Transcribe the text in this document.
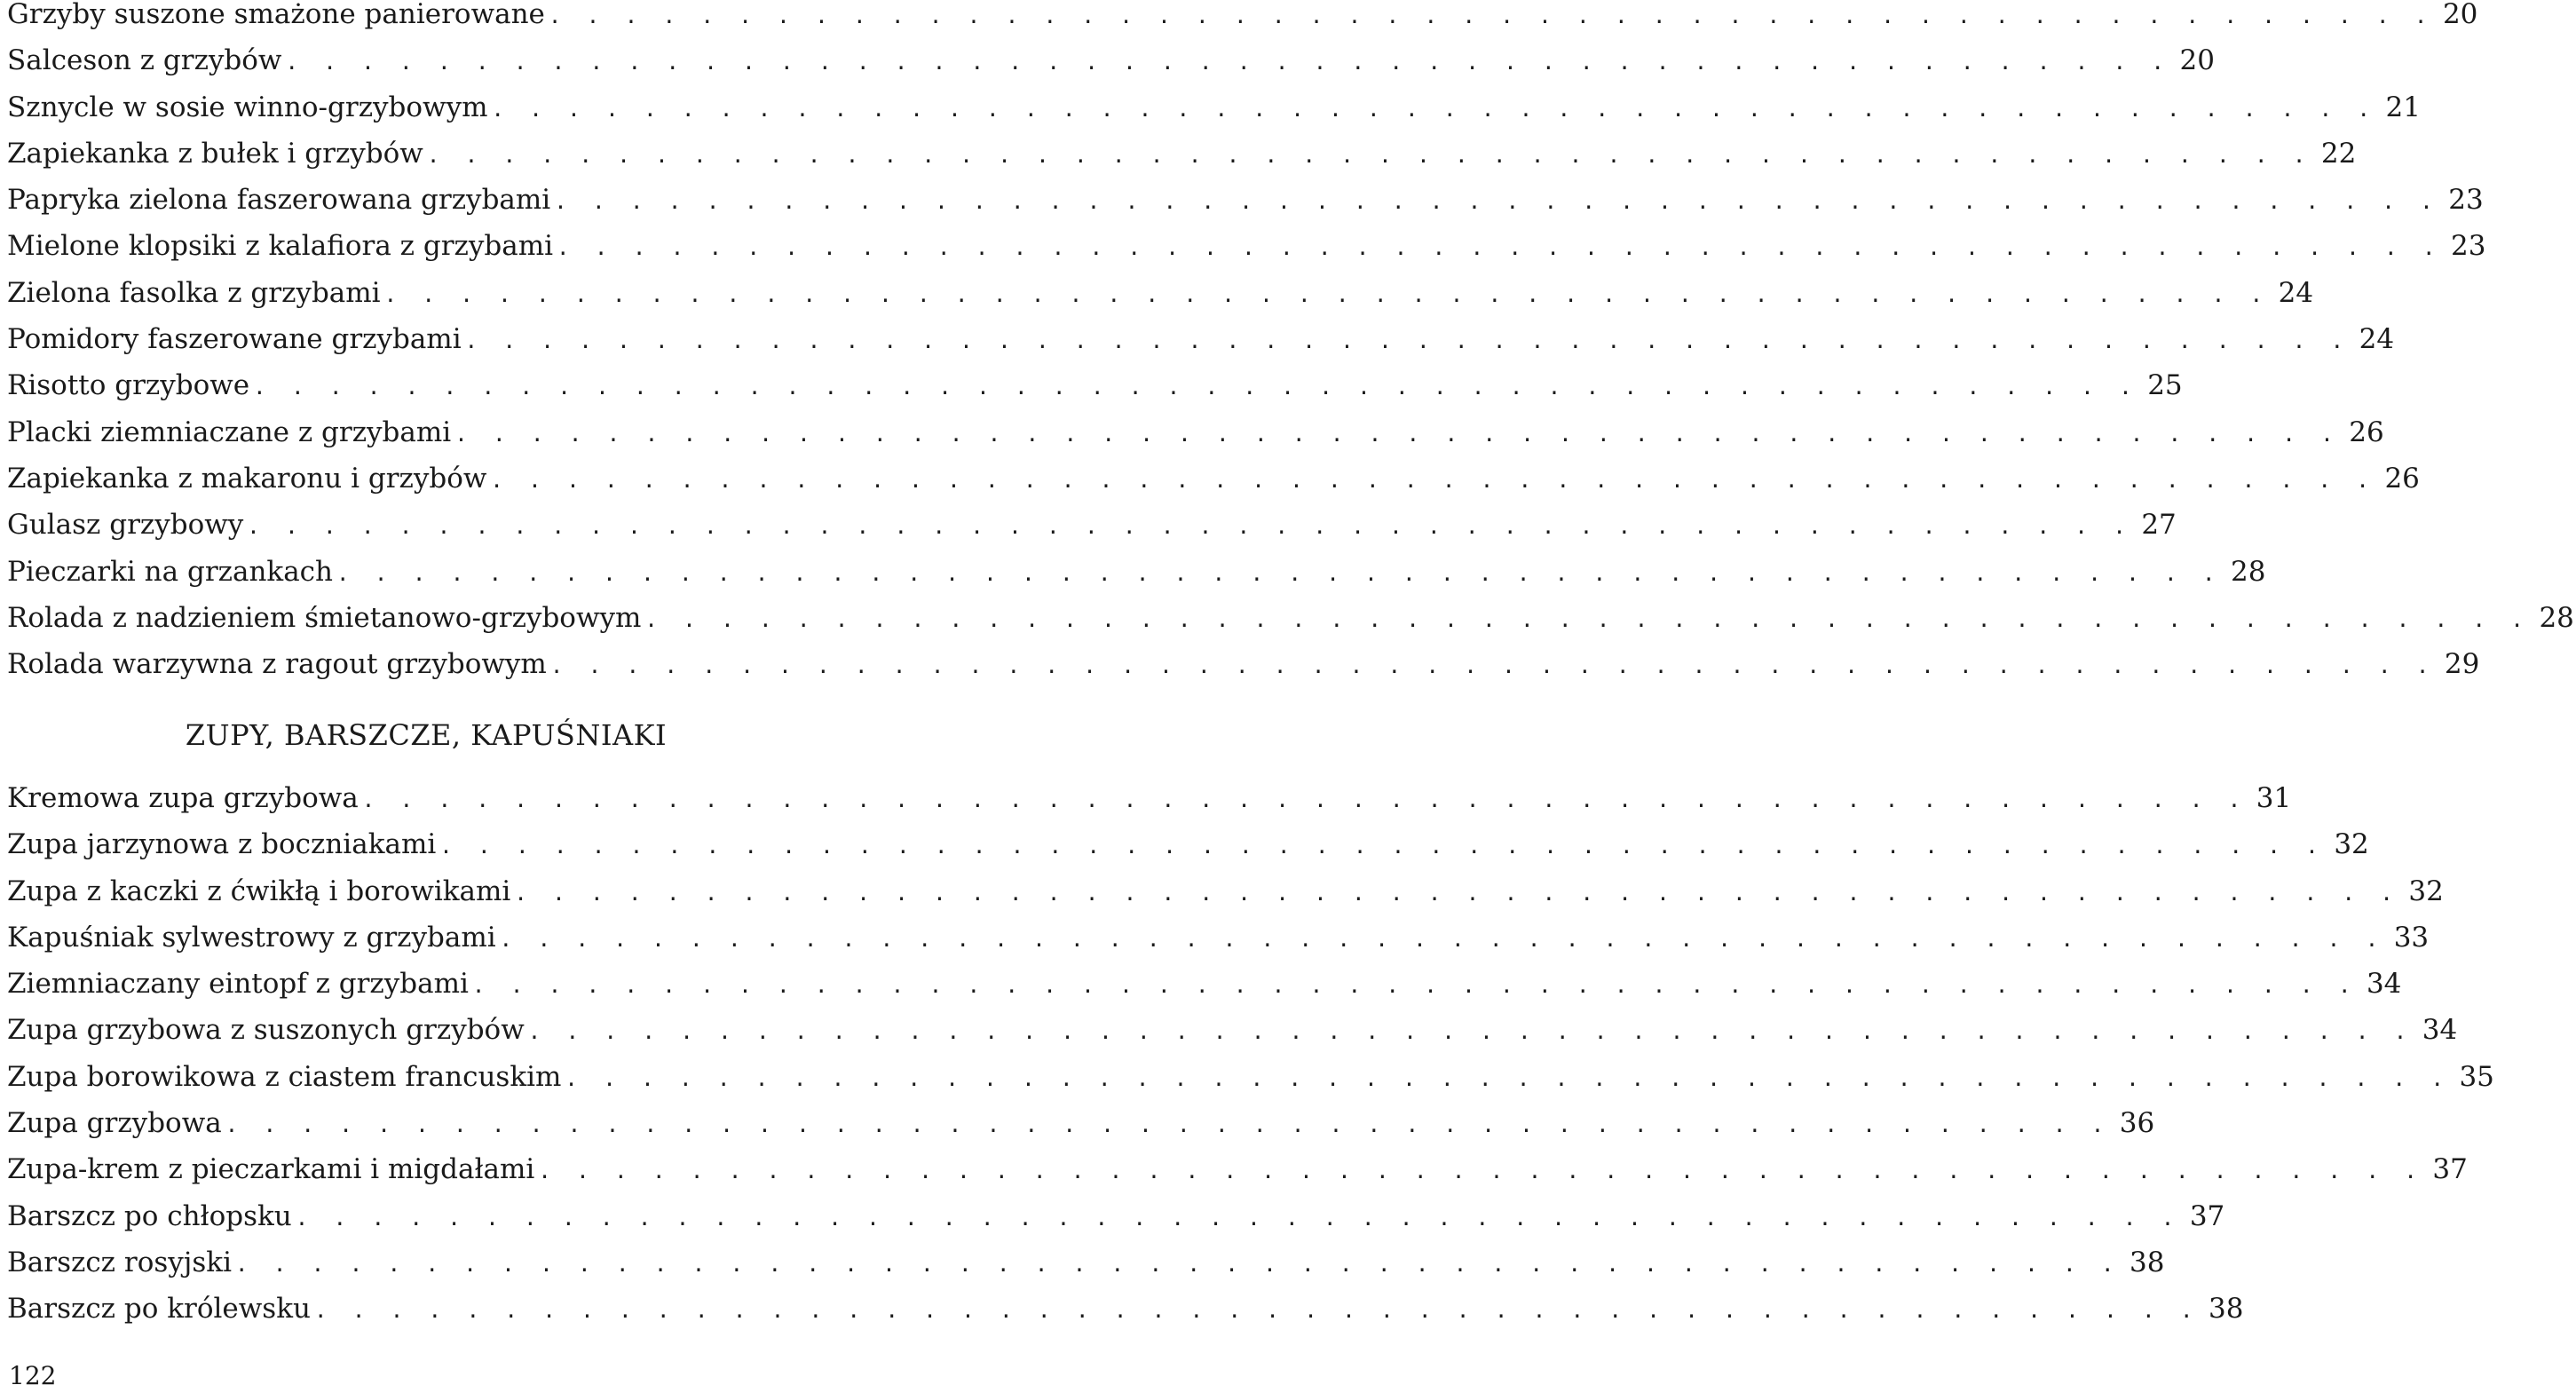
Grzyby suszone smażone panierowane . . . . . . . . . . . . . . . . . . . . . . . . . . . . . . . . . . . . . . . . . . . . . . . . . . 20
Salceson z grzybów . . . . . . . . . . . . . . . . . . . . . . . . . . . . . . . . . . . . . . . . . . . . . . . . . . 20
Sznycle w sosie winno-grzybowym . . . . . . . . . . . . . . . . . . . . . . . . . . . . . . . . . . . . . . . . . . . . . . . . . . 21
Zapiekanka z bułek i grzybów . . . . . . . . . . . . . . . . . . . . . . . . . . . . . . . . . . . . . . . . . . . . . . . . . . 22
Papryka zielona faszerowana grzybami . . . . . . . . . . . . . . . . . . . . . . . . . . . . . . . . . . . . . . . . . . . . . . . . . . 23
Mielone klopsiki z kalafiora z grzybami . . . . . . . . . . . . . . . . . . . . . . . . . . . . . . . . . . . . . . . . . . . . . . . . . . 23
Zielona fasolka z grzybami . . . . . . . . . . . . . . . . . . . . . . . . . . . . . . . . . . . . . . . . . . . . . . . . . . 24
Pomidory faszerowane grzybami . . . . . . . . . . . . . . . . . . . . . . . . . . . . . . . . . . . . . . . . . . . . . . . . . . 24
Risotto grzybowe . . . . . . . . . . . . . . . . . . . . . . . . . . . . . . . . . . . . . . . . . . . . . . . . . . 25
Placki ziemniaczane z grzybami . . . . . . . . . . . . . . . . . . . . . . . . . . . . . . . . . . . . . . . . . . . . . . . . . . 26
Zapiekanka z makaronu i grzybów . . . . . . . . . . . . . . . . . . . . . . . . . . . . . . . . . . . . . . . . . . . . . . . . . . 26
Gulasz grzybowy . . . . . . . . . . . . . . . . . . . . . . . . . . . . . . . . . . . . . . . . . . . . . . . . . . 27
Pieczarki na grzankach . . . . . . . . . . . . . . . . . . . . . . . . . . . . . . . . . . . . . . . . . . . . . . . . . . 28
Rolada z nadzieniem śmietanowo-grzybowym . . . . . . . . . . . . . . . . . . . . . . . . . . . . . . . . . . . . . . . . . . . . . . . . . . 28
Rolada warzywna z ragout grzybowym . . . . . . . . . . . . . . . . . . . . . . . . . . . . . . . . . . . . . . . . . . . . . . . . . . 29
ZUPY, BARSZCZE, KAPUŚNIAKI
Kremowa zupa grzybowa . . . . . . . . . . . . . . . . . . . . . . . . . . . . . . . . . . . . . . . . . . . . . . . . . . 31
Zupa jarzynowa z boczniakami . . . . . . . . . . . . . . . . . . . . . . . . . . . . . . . . . . . . . . . . . . . . . . . . . . 32
Zupa z kaczki z ćwikłą i borowikami . . . . . . . . . . . . . . . . . . . . . . . . . . . . . . . . . . . . . . . . . . . . . . . . . . 32
Kapuśniak sylwestrowy z grzybami . . . . . . . . . . . . . . . . . . . . . . . . . . . . . . . . . . . . . . . . . . . . . . . . . . 33
Ziemniaczany eintopf z grzybami . . . . . . . . . . . . . . . . . . . . . . . . . . . . . . . . . . . . . . . . . . . . . . . . . . 34
Zupa grzybowa z suszonych grzybów . . . . . . . . . . . . . . . . . . . . . . . . . . . . . . . . . . . . . . . . . . . . . . . . . . 34
Zupa borowikowa z ciastem francuskim . . . . . . . . . . . . . . . . . . . . . . . . . . . . . . . . . . . . . . . . . . . . . . . . . . 35
Zupa grzybowa . . . . . . . . . . . . . . . . . . . . . . . . . . . . . . . . . . . . . . . . . . . . . . . . . . 36
Zupa-krem z pieczarkami i migdałami . . . . . . . . . . . . . . . . . . . . . . . . . . . . . . . . . . . . . . . . . . . . . . . . . . 37
Barszcz po chłopsku . . . . . . . . . . . . . . . . . . . . . . . . . . . . . . . . . . . . . . . . . . . . . . . . . . 37
Barszcz rosyjski . . . . . . . . . . . . . . . . . . . . . . . . . . . . . . . . . . . . . . . . . . . . . . . . . . 38
Barszcz po królewsku . . . . . . . . . . . . . . . . . . . . . . . . . . . . . . . . . . . . . . . . . . . . . . . . . . 38
122
